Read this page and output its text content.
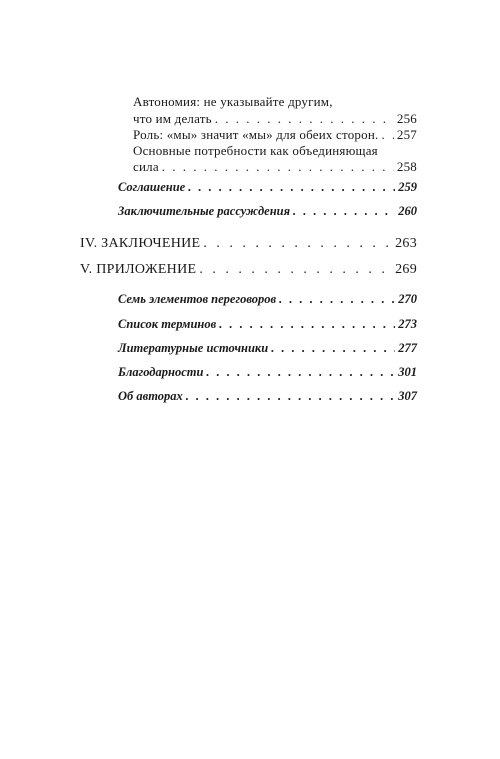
Автономия: не указывайте другим,
что им делать . . .	256
Роль: «мы» значит «мы» для обеих сторон. . . . 257
Основные потребности как объединяющая
сила . . .	258
Соглашение . . .	259
Заключительные рассуждения . . .	260
IV. ЗАКЛЮЧЕНИЕ . . .	263
V. ПРИЛОЖЕНИЕ . . .	269
Семь элементов переговоров . . .	270
Список терминов . . .	273
Литературные источники . . .	277
Благодарности . . .	301
Об авторах . . .	307
